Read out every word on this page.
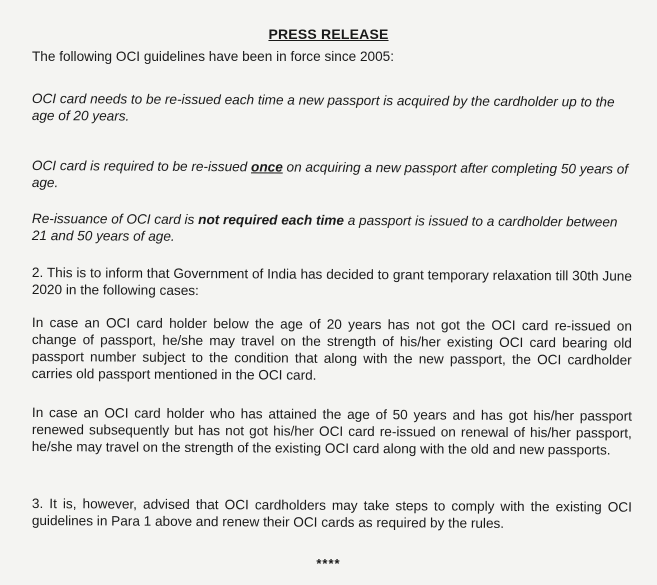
PRESS RELEASE

The following OCI guidelines have been in force since 2005:

OCI card needs to be re-issued each time a new passport is acquired by the cardholder up to the age of 20 years.

OCI card is required to be re-issued once on acquiring a new passport after completing 50 years of age.

Re-issuance of OCI card is not required each time a passport is issued to a cardholder between 21 and 50 years of age.

2. This is to inform that Government of India has decided to grant temporary relaxation till 30th June 2020 in the following cases:

In case an OCI card holder below the age of 20 years has not got the OCI card re-issued on change of passport, he/she may travel on the strength of his/her existing OCI card bearing old passport number subject to the condition that along with the new passport, the OCI cardholder carries old passport mentioned in the OCI card.

In case an OCI card holder who has attained the age of 50 years and has got his/her passport renewed subsequently but has not got his/her OCI card re-issued on renewal of his/her passport, he/she may travel on the strength of the existing OCI card along with the old and new passports.

3. It is, however, advised that OCI cardholders may take steps to comply with the existing OCI guidelines in Para 1 above and renew their OCI cards as required by the rules.

****
